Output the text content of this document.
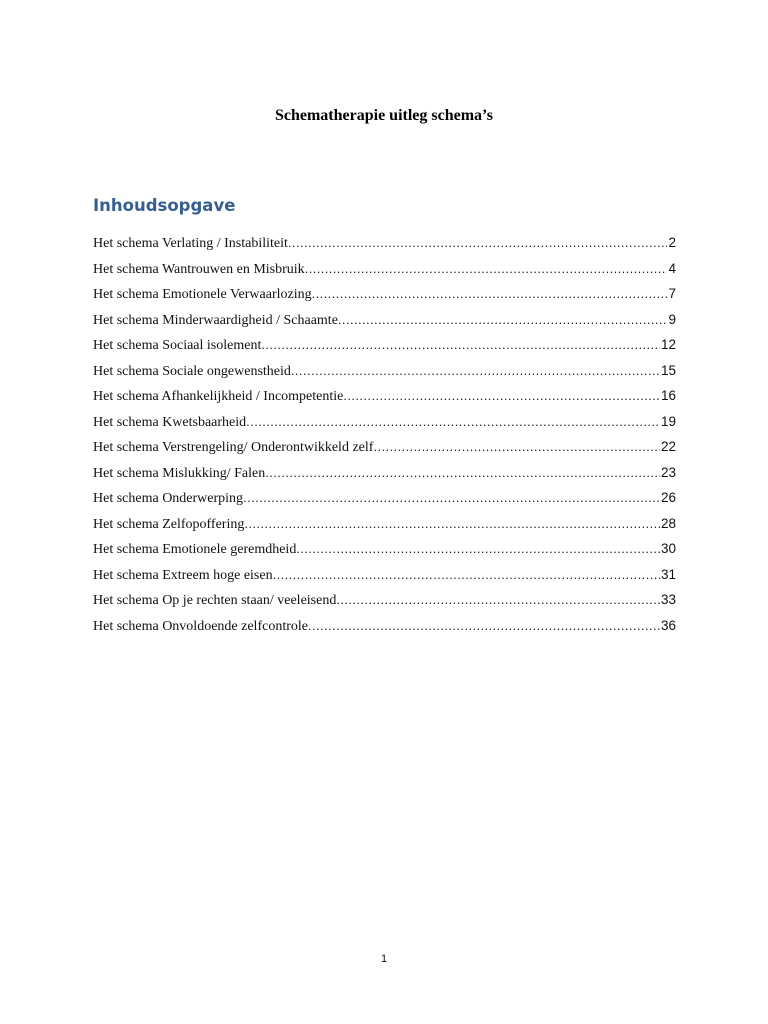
Schematherapie uitleg schema’s
Inhoudsopgave
Het schema Verlating / Instabiliteit .....	2
Het schema Wantrouwen en Misbruik .....	4
Het schema Emotionele Verwaarlozing .....	7
Het schema Minderwaardigheid / Schaamte .....	9
Het schema Sociaal isolement .....	12
Het schema Sociale ongewenstheid .....	15
Het schema Afhankelijkheid / Incompetentie .....	16
Het schema Kwetsbaarheid .....	19
Het schema Verstrengeling/ Onderontwikkeld zelf .....	22
Het schema Mislukking/ Falen .....	23
Het schema Onderwerping .....	26
Het schema Zelfopoffering .....	28
Het schema Emotionele geremdheid .....	30
Het schema Extreem hoge eisen .....	31
Het schema Op je rechten staan/ veeleisend .....	33
Het schema Onvoldoende zelfcontrole .....	36
1
